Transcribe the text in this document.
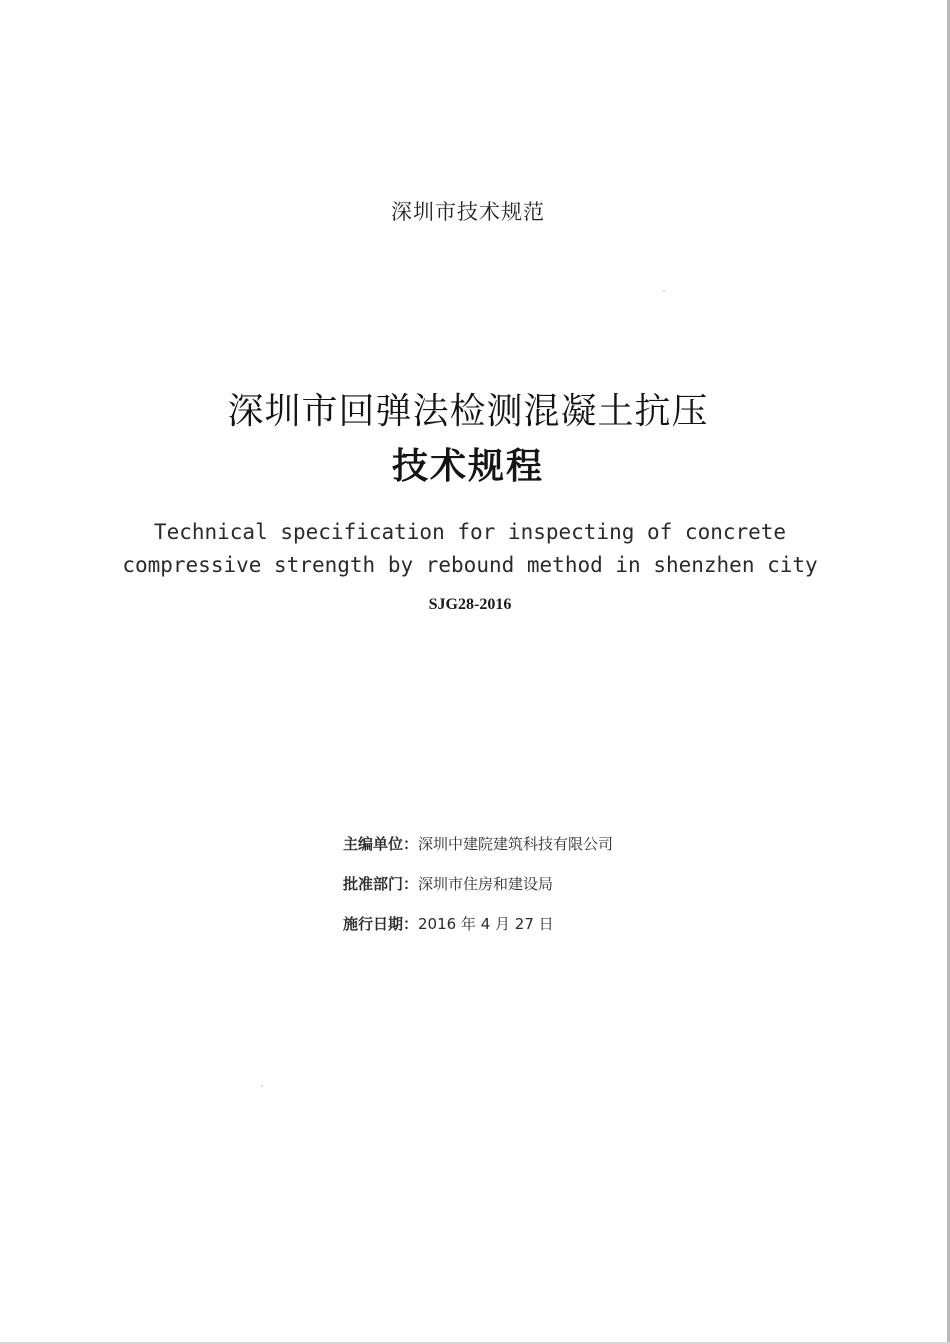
深圳市技术规范
深圳市回弹法检测混凝土抗压
技术规程
Technical specification for inspecting of concrete
compressive strength by rebound method in shenzhen city
SJG28-2016
主编单位：深圳中建院建筑科技有限公司
批准部门：深圳市住房和建设局
施行日期：2016 年 4 月 27 日
